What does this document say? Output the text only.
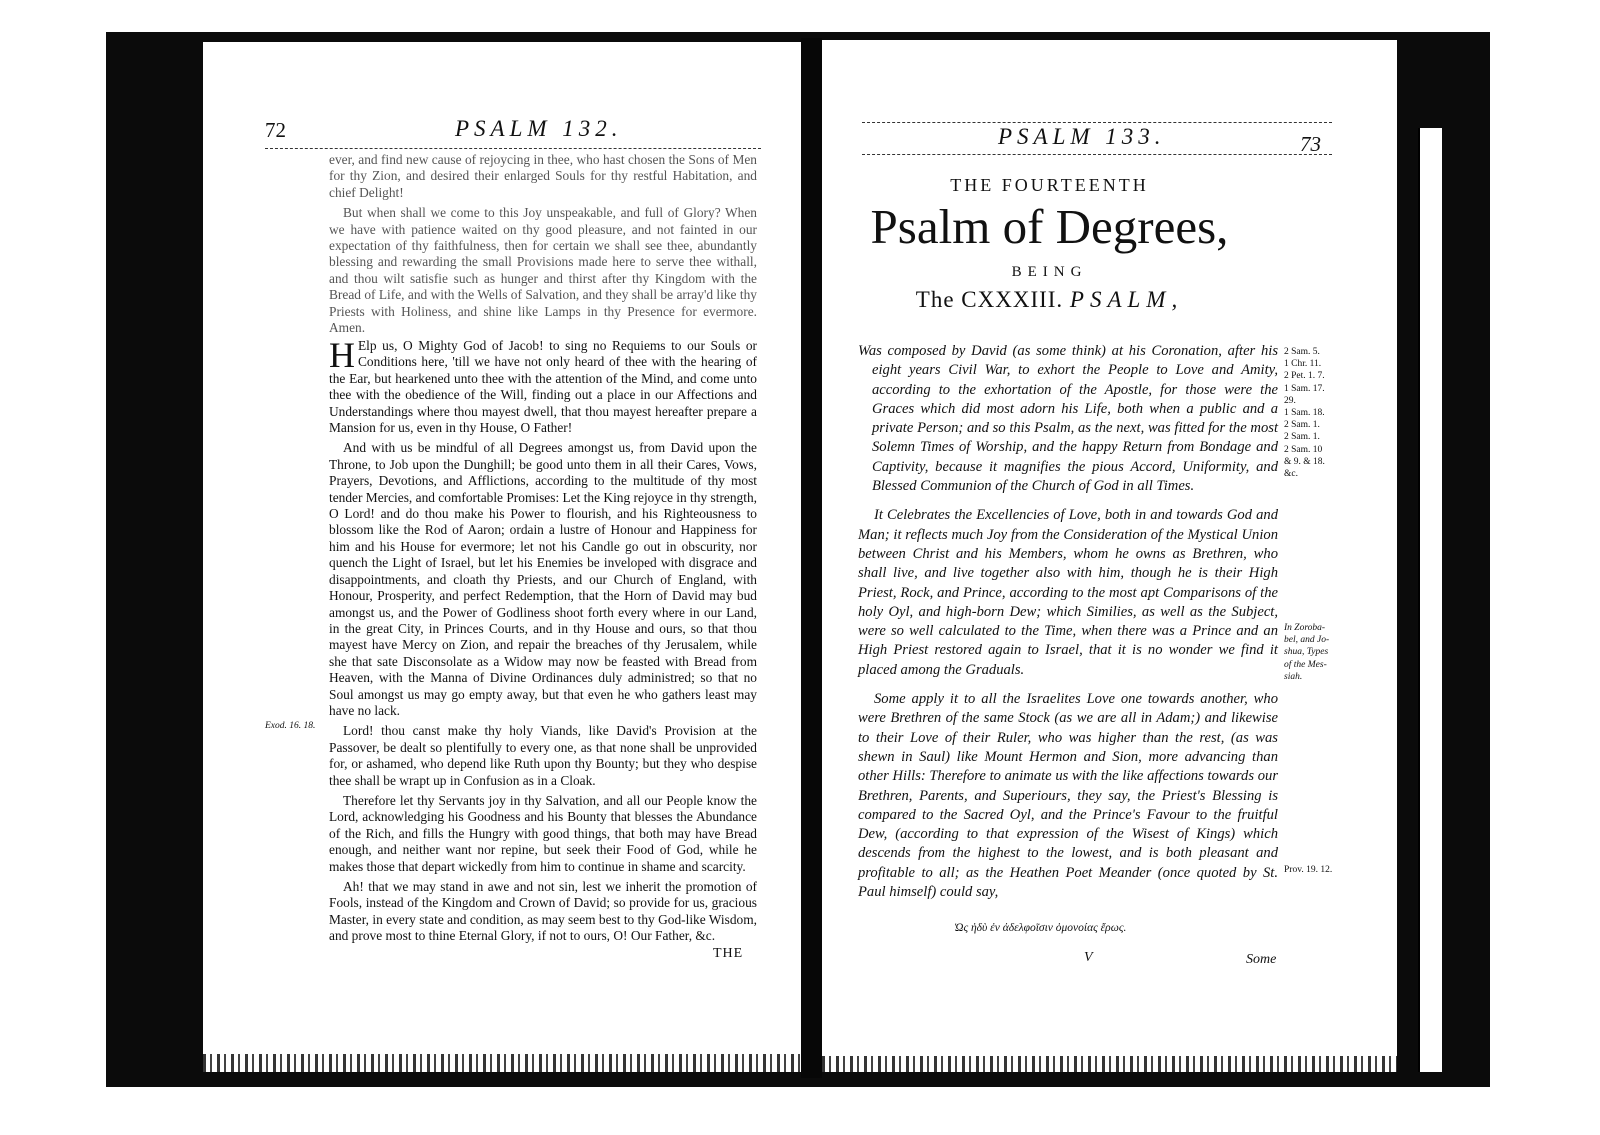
72	PSALM 132.

ever, and find new cause of rejoycing in thee, who hast chosen the Sons of Men for thy Zion, and desired their enlarged Souls for thy restful Habitation, and chief Delight!

But when shall we come to this Joy unspeakable, and full of Glory? When we have with patience waited on thy good pleasure, and not fainted in our expectation of thy faithfulness, then for certain we shall see thee, abundantly blessing and rewarding the small Provisions made here to serve thee withall, and thou wilt satisfie such as hunger and thirst after thy Kingdom with the Bread of Life, and with the Wells of Salvation, and they shall be array'd like thy Priests with Holiness, and shine like Lamps in thy Presence for evermore. Amen.

H Elp us, O Mighty God of Jacob! to sing no Requiems to our Souls or Conditions here, 'till we have not only heard of thee with the hearing of the Ear, but hearkened unto thee with the attention of the Mind, and come unto thee with the obedience of the Will, finding out a place in our Affections and Understandings where thou mayest dwell, that thou mayest hereafter prepare a Mansion for us, even in thy House, O Father!

And with us be mindful of all Degrees amongst us, from David upon the Throne, to Job upon the Dunghill; be good unto them in all their Cares, Vows, Prayers, Devotions, and Afflictions, according to the multitude of thy most tender Mercies, and comfortable Promises: Let the King rejoyce in thy strength, O Lord! and do thou make his Power to flourish, and his Righteousness to blossom like the Rod of Aaron; ordain a lustre of Honour and Happiness for him and his House for evermore; let not his Candle go out in obscurity, nor quench the Light of Israel, but let his Enemies be inveloped with disgrace and disappointments, and cloath thy Priests, and our Church of England, with Honour, Prosperity, and perfect Redemption, that the Horn of David may bud amongst us, and the Power of Godliness shoot forth every where in our Land, in the great City, in Princes Courts, and in thy House and ours, so that thou mayest have Mercy on Zion, and repair the breaches of thy Jerusalem, while she that sate Disconsolate as a Widow may now be feasted with Bread from Heaven, with the Manna of Divine Ordinances duly administred; so that no Soul amongst us may go empty away, but that even he who gathers least may have no lack.

Lord! thou canst make thy holy Viands, like David's Provision at the Passover, be dealt so plentifully to every one, as that none shall be unprovided for, or ashamed, who depend like Ruth upon thy Bounty; but they who despise thee shall be wrapt up in Confusion as in a Cloak.

Therefore let thy Servants joy in thy Salvation, and all our People know the Lord, acknowledging his Goodness and his Bounty that blesses the Abundance of the Rich, and fills the Hungry with good things, that both may have Bread enough, and neither want nor repine, but seek their Food of God, while he makes those that depart wickedly from him to continue in shame and scarcity.

Ah! that we may stand in awe and not sin, lest we inherit the promotion of Fools, instead of the Kingdom and Crown of David; so provide for us, gracious Master, in every state and condition, as may seem best to thy God-like Wisdom, and prove most to thine Eternal Glory, if not to ours, O! Our Father, &c.

Exod. 16. 18.
THE
PSALM 133.	73
THE FOURTEENTH
Psalm of Degrees,
BEING
The CXXXIII. PSALM,

Was composed by David (as some think) at his Coronation, after his eight years Civil War, to exhort the People to Love and Amity, according to the exhortation of the Apostle, for those were the Graces which did most adorn his Life, both when a public and a private Person; and so this Psalm, as the next, was fitted for the most Solemn Times of Worship, and the happy Return from Bondage and Captivity, because it magnifies the pious Accord, Uniformity, and Blessed Communion of the Church of God in all Times.

It Celebrates the Excellencies of Love, both in and towards God and Man; it reflects much Joy from the Consideration of the Mystical Union between Christ and his Members, whom he owns as Brethren, who shall live, and live together also with him, though he is their High Priest, Rock, and Prince, according to the most apt Comparisons of the holy Oyl, and high-born Dew; which Similies, as well as the Subject, were so well calculated to the Time, when there was a Prince and an High Priest restored again to Israel, that it is no wonder we find it placed among the Graduals.

Some apply it to all the Israelites Love one towards another, who were Brethren of the same Stock (as we are all in Adam;) and likewise to their Love of their Ruler, who was higher than the rest, (as was shewn in Saul) like Mount Hermon and Sion, more advancing than other Hills: Therefore to animate us with the like affections towards our Brethren, Parents, and Superiours, they say, the Priest's Blessing is compared to the Sacred Oyl, and the Prince's Favour to the fruitful Dew, (according to that expression of the Wisest of Kings) which descends from the highest to the lowest, and is both pleasant and profitable to all; as the Heathen Poet Meander (once quoted by St. Paul himself) could say,

2 Sam. 5.
1 Chr. 11.
2 Pet. 1. 7.
1 Sam. 17.
29.
1 Sam. 18.
2 Sam. 1.
2 Sam. 1.
2 Sam. 10
& 9. & 18.
&c.
In Zoroba-
bel, and Jo-
shua, Types
of the Mes-
siah.
Prov. 19. 12.
Ὡς ἡδὺ ἐν ἀδελφοῖσιν ὁμονοίας ἔρως.
V	Some
